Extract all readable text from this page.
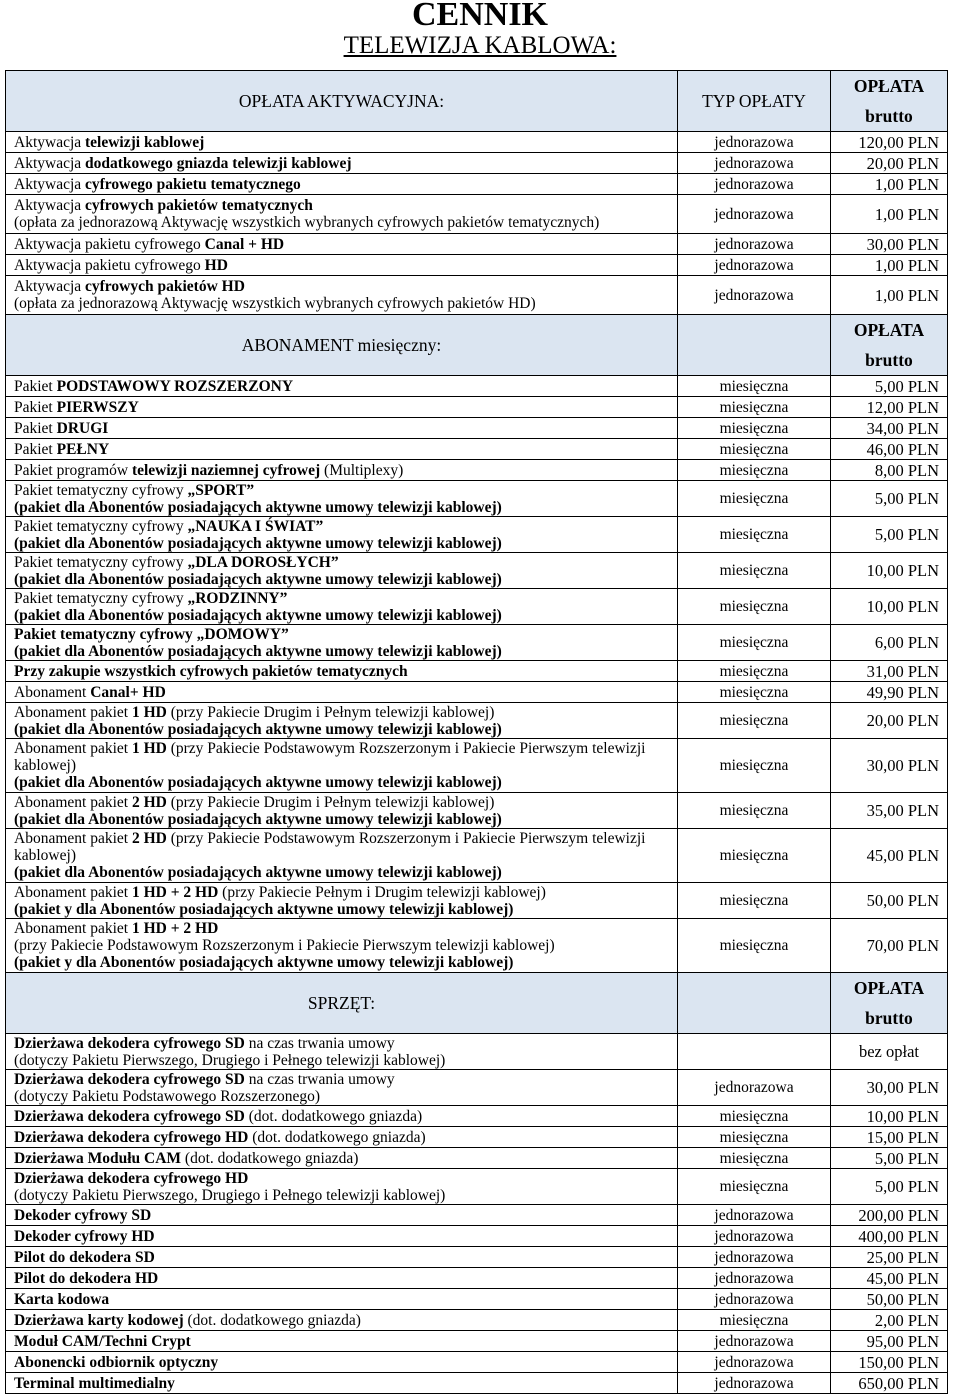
CENNIK
TELEWIZJA KABLOWA:
OPŁATA AKTYWACYJNA:	TYP OPŁATY	OPŁATA
brutto

Aktywacja telewizji kablowej	jednorazowa	120,00 PLN

Aktywacja dodatkowego gniazda telewizji kablowej	jednorazowa	20,00 PLN

Aktywacja cyfrowego pakietu tematycznego	jednorazowa	1,00 PLN

Aktywacja cyfrowych pakietów tematycznych
(opłata za jednorazową Aktywację wszystkich wybranych cyfrowych pakietów tematycznych)	jednorazowa	1,00 PLN

Aktywacja pakietu cyfrowego Canal + HD	jednorazowa	30,00 PLN

Aktywacja pakietu cyfrowego HD	jednorazowa	1,00 PLN

Aktywacja cyfrowych pakietów HD
(opłata za jednorazową Aktywację wszystkich wybranych cyfrowych pakietów HD)	jednorazowa	1,00 PLN
ABONAMENT miesięczny:		OPŁATA
brutto

Pakiet PODSTAWOWY ROZSZERZONY	miesięczna	5,00 PLN

Pakiet PIERWSZY	miesięczna	12,00 PLN

Pakiet DRUGI	miesięczna	34,00 PLN

Pakiet PEŁNY	miesięczna	46,00 PLN

Pakiet programów telewizji naziemnej cyfrowej (Multiplexy)	miesięczna	8,00 PLN

Pakiet tematyczny cyfrowy „SPORT”
(pakiet dla Abonentów posiadających aktywne umowy telewizji kablowej)	miesięczna	5,00 PLN

Pakiet tematyczny cyfrowy „NAUKA I ŚWIAT”
(pakiet dla Abonentów posiadających aktywne umowy telewizji kablowej)	miesięczna	5,00 PLN

Pakiet tematyczny cyfrowy „DLA DOROSŁYCH”
(pakiet dla Abonentów posiadających aktywne umowy telewizji kablowej)	miesięczna	10,00 PLN

Pakiet tematyczny cyfrowy „RODZINNY”
(pakiet dla Abonentów posiadających aktywne umowy telewizji kablowej)	miesięczna	10,00 PLN

Pakiet tematyczny cyfrowy „DOMOWY”
(pakiet dla Abonentów posiadających aktywne umowy telewizji kablowej)	miesięczna	6,00 PLN

Przy zakupie wszystkich cyfrowych pakietów tematycznych	miesięczna	31,00 PLN

Abonament Canal+ HD	miesięczna	49,90 PLN

Abonament pakiet 1 HD (przy Pakiecie Drugim i Pełnym telewizji kablowej)
(pakiet dla Abonentów posiadających aktywne umowy telewizji kablowej)	miesięczna	20,00 PLN

Abonament pakiet 1 HD (przy Pakiecie Podstawowym Rozszerzonym i Pakiecie Pierwszym telewizji kablowej)
(pakiet dla Abonentów posiadających aktywne umowy telewizji kablowej)	miesięczna	30,00 PLN

Abonament pakiet 2 HD (przy Pakiecie Drugim i Pełnym telewizji kablowej)
(pakiet dla Abonentów posiadających aktywne umowy telewizji kablowej)	miesięczna	35,00 PLN

Abonament pakiet 2 HD (przy Pakiecie Podstawowym Rozszerzonym i Pakiecie Pierwszym telewizji kablowej)
(pakiet dla Abonentów posiadających aktywne umowy telewizji kablowej)	miesięczna	45,00 PLN

Abonament pakiet 1 HD + 2 HD (przy Pakiecie Pełnym i Drugim telewizji kablowej)
(pakiet y dla Abonentów posiadających aktywne umowy telewizji kablowej)	miesięczna	50,00 PLN

Abonament pakiet 1 HD + 2 HD
(przy Pakiecie Podstawowym Rozszerzonym i Pakiecie Pierwszym telewizji kablowej)
(pakiet y dla Abonentów posiadających aktywne umowy telewizji kablowej)	miesięczna	70,00 PLN
SPRZĘT:		OPŁATA
brutto

Dzierżawa dekodera cyfrowego SD na czas trwania umowy
(dotyczy Pakietu Pierwszego, Drugiego i Pełnego telewizji kablowej)		bez opłat

Dzierżawa dekodera cyfrowego SD na czas trwania umowy
(dotyczy Pakietu Podstawowego Rozszerzonego)	jednorazowa	30,00 PLN

Dzierżawa dekodera cyfrowego SD (dot. dodatkowego gniazda)	miesięczna	10,00 PLN

Dzierżawa dekodera cyfrowego HD (dot. dodatkowego gniazda)	miesięczna	15,00 PLN

Dzierżawa Modułu CAM (dot. dodatkowego gniazda)	miesięczna	5,00 PLN

Dzierżawa dekodera cyfrowego HD
(dotyczy Pakietu Pierwszego, Drugiego i Pełnego telewizji kablowej)	miesięczna	5,00 PLN

Dekoder cyfrowy SD	jednorazowa	200,00 PLN

Dekoder cyfrowy HD	jednorazowa	400,00 PLN

Pilot do dekodera SD	jednorazowa	25,00 PLN

Pilot do dekodera HD	jednorazowa	45,00 PLN

Karta kodowa	jednorazowa	50,00 PLN

Dzierżawa karty kodowej (dot. dodatkowego gniazda)	miesięczna	2,00 PLN

Moduł CAM/Techni Crypt	jednorazowa	95,00 PLN

Abonencki odbiornik optyczny	jednorazowa	150,00 PLN

Terminal multimedialny	jednorazowa	650,00 PLN
